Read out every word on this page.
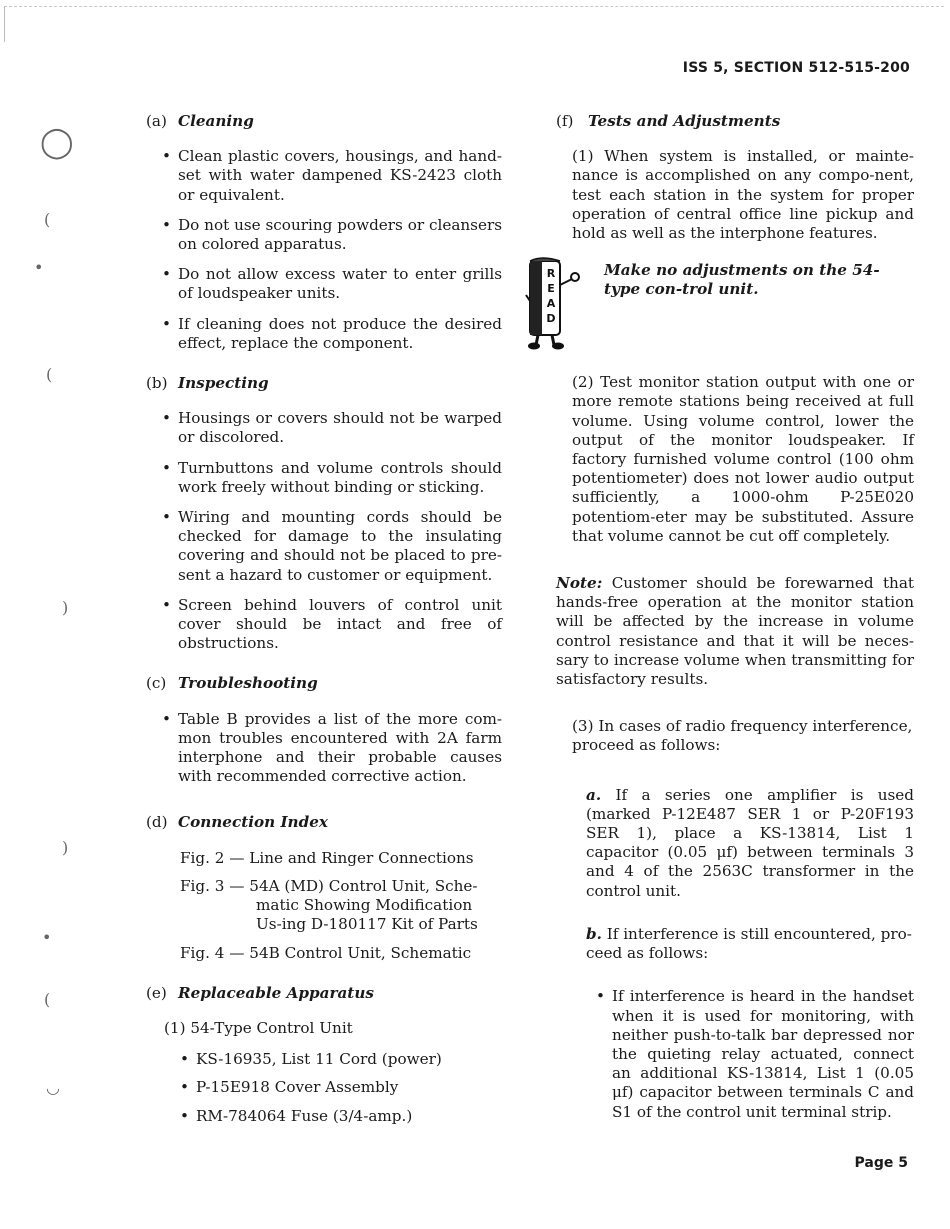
◯
(
•
(
)
)
•
(
◡
ISS 5, SECTION 512-515-200
Page 5
(a) Cleaning
• Clean plastic covers, housings, and hand-set with water dampened KS-2423 cloth or equivalent.
• Do not use scouring powders or cleansers on colored apparatus.
• Do not allow excess water to enter grills of loudspeaker units.
• If cleaning does not produce the desired effect, replace the component.
(b) Inspecting
• Housings or covers should not be warped or discolored.
• Turnbuttons and volume controls should work freely without binding or sticking.
• Wiring and mounting cords should be checked for damage to the insulating covering and should not be placed to pre-sent a hazard to customer or equipment.
• Screen behind louvers of control unit cover should be intact and free of obstructions.
(c) Troubleshooting
• Table B provides a list of the more com-mon troubles encountered with 2A farm interphone and their probable causes with recommended corrective action.
(d) Connection Index
Fig. 2 — Line and Ringer Connections
Fig. 3 — 54A (MD) Control Unit, Sche-matic Showing Modification Us-ing D-180117 Kit of Parts
Fig. 4 — 54B Control Unit, Schematic
(e) Replaceable Apparatus
(1) 54-Type Control Unit
• KS-16935, List 11 Cord (power)
• P-15E918 Cover Assembly
• RM-784064 Fuse (3/4-amp.)
(f) Tests and Adjustments
(1) When system is installed, or mainte-nance is accomplished on any compo-nent, test each station in the system for proper operation of central office line pickup and hold as well as the interphone features.
R
E
A
D
Make no adjustments on the 54-type con-trol unit.
(2) Test monitor station output with one or more remote stations being received at full volume. Using volume control, lower the output of the monitor loudspeaker. If factory furnished volume control (100 ohm potentiometer) does not lower audio output sufficiently, a 1000-ohm P-25E020 potentiom-eter may be substituted. Assure that volume cannot be cut off completely.
Note: Customer should be forewarned that hands-free operation at the monitor station will be affected by the increase in volume control resistance and that it will be neces-sary to increase volume when transmitting for satisfactory results.
(3) In cases of radio frequency interference, proceed as follows:
a. If a series one amplifier is used (marked P-12E487 SER 1 or P-20F193 SER 1), place a KS-13814, List 1 capacitor (0.05 μf) between terminals 3 and 4 of the 2563C transformer in the control unit.
b. If interference is still encountered, pro-ceed as follows:
• If interference is heard in the handset when it is used for monitoring, with neither push-to-talk bar depressed nor the quieting relay actuated, connect an additional KS-13814, List 1 (0.05 μf) capacitor between terminals C and S1 of the control unit terminal strip.
